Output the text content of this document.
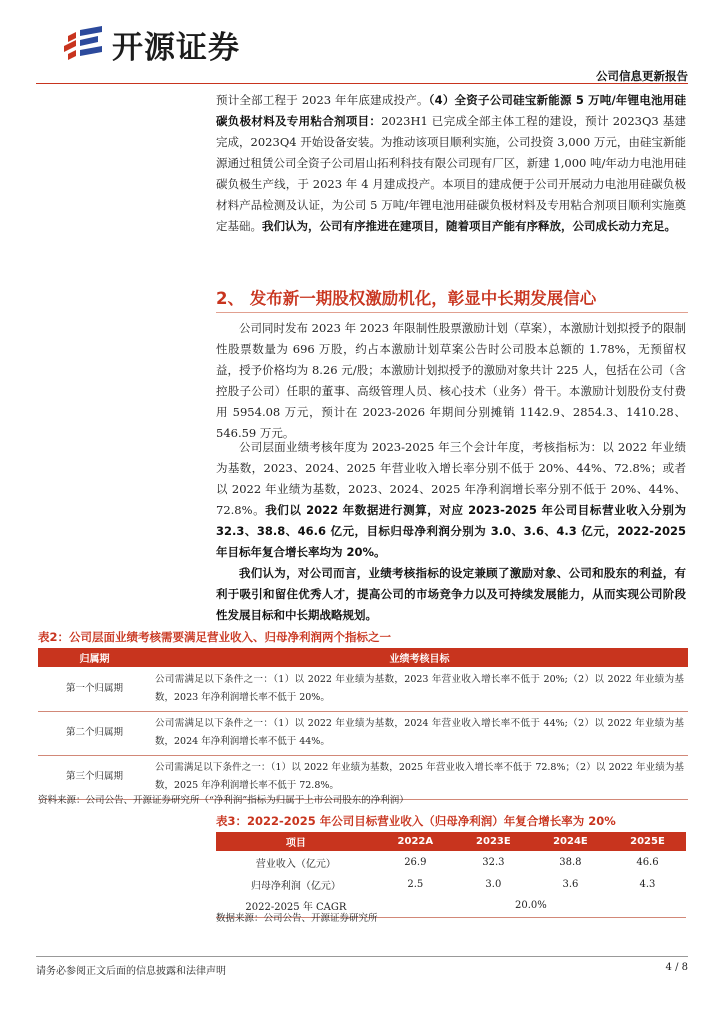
开源证券
公司信息更新报告
预计全部工程于 2023 年年底建成投产。（4）全资子公司硅宝新能源 5 万吨/年锂电池用硅碳负极材料及专用粘合剂项目：2023H1 已完成全部主体工程的建设，预计 2023Q3 基建完成，2023Q4 开始设备安装。为推动该项目顺利实施，公司投资 3,000 万元，由硅宝新能源通过租赁公司全资子公司眉山拓利科技有限公司现有厂区，新建 1,000 吨/年动力电池用硅碳负极生产线，于 2023 年 4 月建成投产。本项目的建成便于公司开展动力电池用硅碳负极材料产品检测及认证，为公司 5 万吨/年锂电池用硅碳负极材料及专用粘合剂项目顺利实施奠定基础。我们认为，公司有序推进在建项目，随着项目产能有序释放，公司成长动力充足。
2、 发布新一期股权激励机化，彰显中长期发展信心
公司同时发布 2023 年 2023 年限制性股票激励计划（草案），本激励计划拟授予的限制性股票数量为 696 万股，约占本激励计划草案公告时公司股本总额的 1.78%，无预留权益，授予价格均为 8.26 元/股；本激励计划拟授予的激励对象共计 225 人，包括在公司（含控股子公司）任职的董事、高级管理人员、核心技术（业务）骨干。本激励计划股份支付费用 5954.08 万元，预计在 2023-2026 年期间分别摊销 1142.9、2854.3、1410.28、546.59 万元。
公司层面业绩考核年度为 2023-2025 年三个会计年度，考核指标为：以 2022 年业绩为基数，2023、2024、2025 年营业收入增长率分别不低于 20%、44%、72.8%；或者以 2022 年业绩为基数，2023、2024、2025 年净利润增长率分别不低于 20%、44%、72.8%。我们以 2022 年数据进行测算，对应 2023-2025 年公司目标营业收入分别为 32.3、38.8、46.6 亿元，目标归母净利润分别为 3.0、3.6、4.3 亿元，2022-2025 年目标年复合增长率均为 20%。
我们认为，对公司而言，业绩考核指标的设定兼顾了激励对象、公司和股东的利益，有利于吸引和留住优秀人才，提高公司的市场竞争力以及可持续发展能力，从而实现公司阶段性发展目标和中长期战略规划。
表2：公司层面业绩考核需要满足营业收入、归母净利润两个指标之一
归属期	业绩考核目标
第一个归属期	公司需满足以下条件之一：（1）以 2022 年业绩为基数，2023 年营业收入增长率不低于 20%;（2）以 2022 年业绩为基数，2023 年净利润增长率不低于 20%。
第二个归属期	公司需满足以下条件之一：（1）以 2022 年业绩为基数，2024 年营业收入增长率不低于 44%;（2）以 2022 年业绩为基数，2024 年净利润增长率不低于 44%。
第三个归属期	公司需满足以下条件之一：（1）以 2022 年业绩为基数，2025 年营业收入增长率不低于 72.8%；（2）以 2022 年业绩为基数，2025 年净利润增长率不低于 72.8%。
资料来源：公司公告、开源证券研究所（“净利润”指标为归属于上市公司股东的净利润）
表3：2022-2025 年公司目标营业收入（归母净利润）年复合增长率为 20%
项目	2022A	2023E	2024E	2025E
营业收入（亿元）	26.9	32.3	38.8	46.6
归母净利润（亿元）	2.5	3.0	3.6	4.3
2022-2025 年 CAGR	20.0%			
数据来源：公司公告、开源证券研究所
请务必参阅正文后面的信息披露和法律声明	4 / 8
